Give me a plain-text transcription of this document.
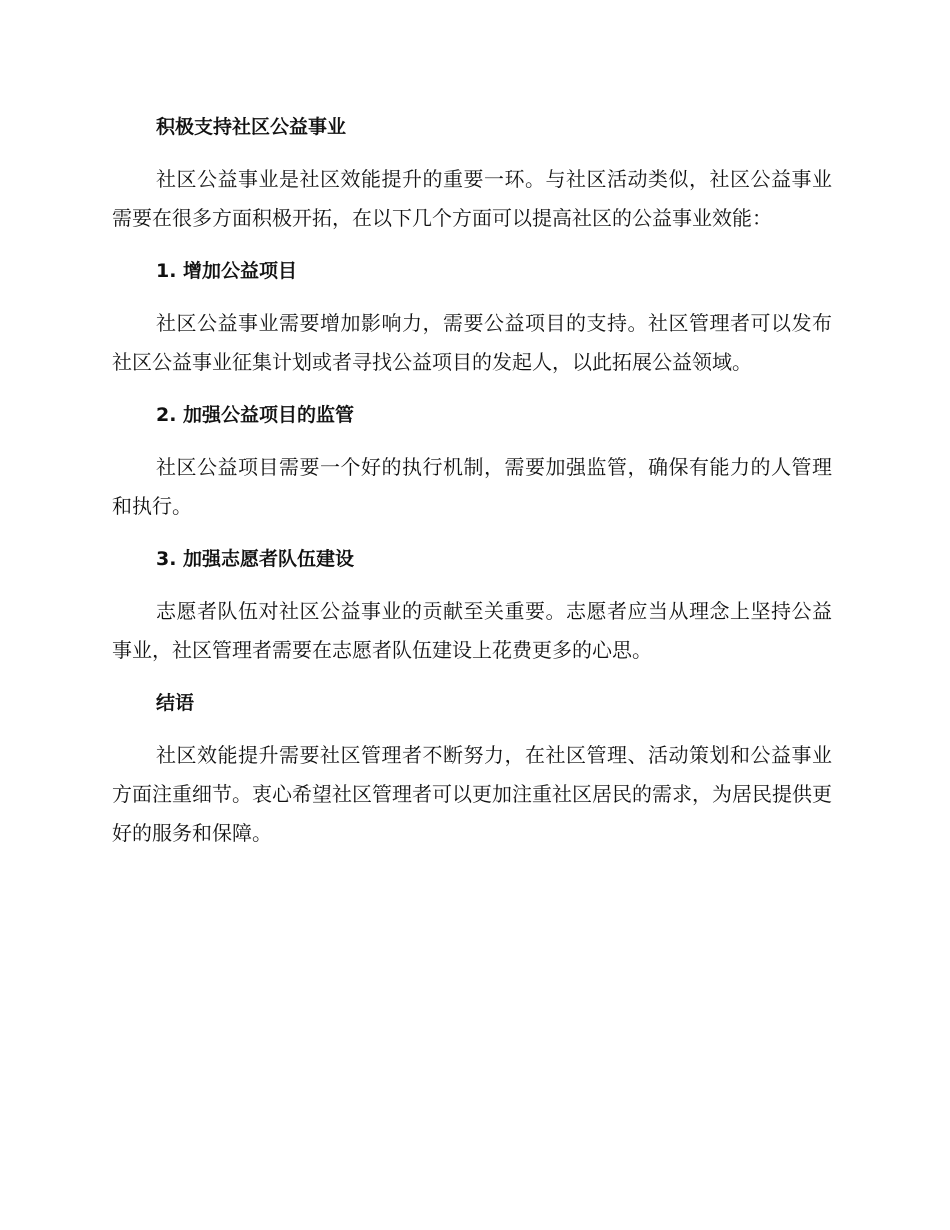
积极支持社区公益事业

社区公益事业是社区效能提升的重要一环。与社区活动类似，社区公益事业需要在很多方面积极开拓，在以下几个方面可以提高社区的公益事业效能：

1. 增加公益项目

社区公益事业需要增加影响力，需要公益项目的支持。社区管理者可以发布社区公益事业征集计划或者寻找公益项目的发起人，以此拓展公益领域。

2. 加强公益项目的监管

社区公益项目需要一个好的执行机制，需要加强监管，确保有能力的人管理和执行。

3. 加强志愿者队伍建设

志愿者队伍对社区公益事业的贡献至关重要。志愿者应当从理念上坚持公益事业，社区管理者需要在志愿者队伍建设上花费更多的心思。

结语

社区效能提升需要社区管理者不断努力，在社区管理、活动策划和公益事业方面注重细节。衷心希望社区管理者可以更加注重社区居民的需求，为居民提供更好的服务和保障。
